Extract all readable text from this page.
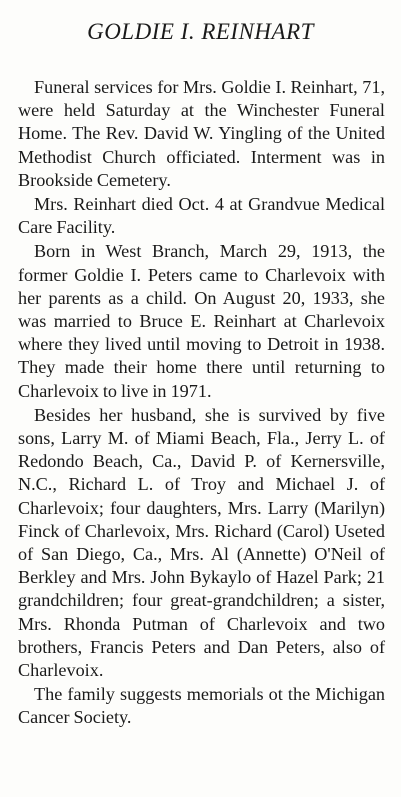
GOLDIE I. REINHART

Funeral services for Mrs. Goldie I. Reinhart, 71, were held Saturday at the Winchester Funeral Home. The Rev. David W. Yingling of the United Methodist Church officiated. Interment was in Brookside Cemetery.

Mrs. Reinhart died Oct. 4 at Grandvue Medical Care Facility.

Born in West Branch, March 29, 1913, the former Goldie I. Peters came to Charlevoix with her parents as a child. On August 20, 1933, she was married to Bruce E. Reinhart at Charlevoix where they lived until moving to Detroit in 1938. They made their home there until returning to Charlevoix to live in 1971.

Besides her husband, she is survived by five sons, Larry M. of Miami Beach, Fla., Jerry L. of Redondo Beach, Ca., David P. of Kernersville, N.C., Richard L. of Troy and Michael J. of Charlevoix; four daughters, Mrs. Larry (Marilyn) Finck of Charlevoix, Mrs. Richard (Carol) Useted of San Diego, Ca., Mrs. Al (Annette) O'Neil of Berkley and Mrs. John Bykaylo of Hazel Park; 21 grandchildren; four great-grandchildren; a sister, Mrs. Rhonda Putman of Charlevoix and two brothers, Francis Peters and Dan Peters, also of Charlevoix.

The family suggests memorials ot the Michigan Cancer Society.
